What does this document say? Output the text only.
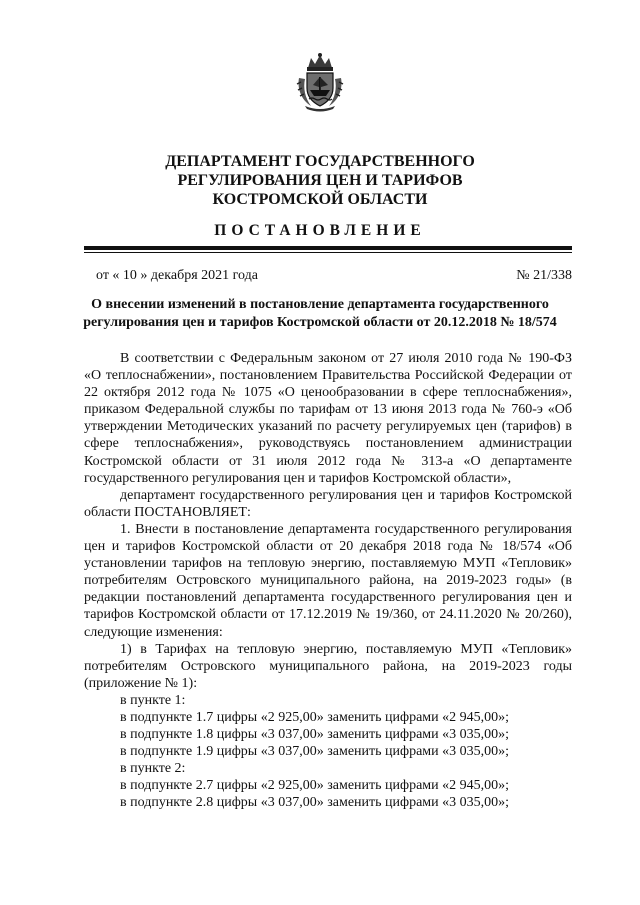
ДЕПАРТАМЕНТ ГОСУДАРСТВЕННОГО
РЕГУЛИРОВАНИЯ ЦЕН И ТАРИФОВ
КОСТРОМСКОЙ ОБЛАСТИ
ПОСТАНОВЛЕНИЕ
от « 10 » декабря 2021 года	№ 21/338
О внесении изменений в постановление департамента государственного
регулирования цен и тарифов Костромской области от 20.12.2018 № 18/574

В соответствии с Федеральным законом от 27 июля 2010 года № 190-ФЗ «О теплоснабжении», постановлением Правительства Российской Федерации от 22 октября 2012 года № 1075 «О ценообразовании в сфере теплоснабжения», приказом Федеральной службы по тарифам от 13 июня 2013 года № 760-э «Об утверждении Методических указаний по расчету регулируемых цен (тарифов) в сфере теплоснабжения», руководствуясь постановлением администрации Костромской области от 31 июля 2012 года № 313-а «О департаменте государственного регулирования цен и тарифов Костромской области»,

департамент государственного регулирования цен и тарифов Костромской области ПОСТАНОВЛЯЕТ:

1. Внести в постановление департамента государственного регулирования цен и тарифов Костромской области от 20 декабря 2018 года № 18/574 «Об установлении тарифов на тепловую энергию, поставляемую МУП «Тепловик» потребителям Островского муниципального района, на 2019-2023 годы» (в редакции постановлений департамента государственного регулирования цен и тарифов Костромской области от 17.12.2019 № 19/360, от 24.11.2020 № 20/260), следующие изменения:

1) в Тарифах на тепловую энергию, поставляемую МУП «Тепловик» потребителям Островского муниципального района, на 2019-2023 годы (приложение № 1):

в пункте 1:

в подпункте 1.7 цифры «2 925,00» заменить цифрами «2 945,00»;

в подпункте 1.8 цифры «3 037,00» заменить цифрами «3 035,00»;

в подпункте 1.9 цифры «3 037,00» заменить цифрами «3 035,00»;

в пункте 2:

в подпункте 2.7 цифры «2 925,00» заменить цифрами «2 945,00»;

в подпункте 2.8 цифры «3 037,00» заменить цифрами «3 035,00»;
